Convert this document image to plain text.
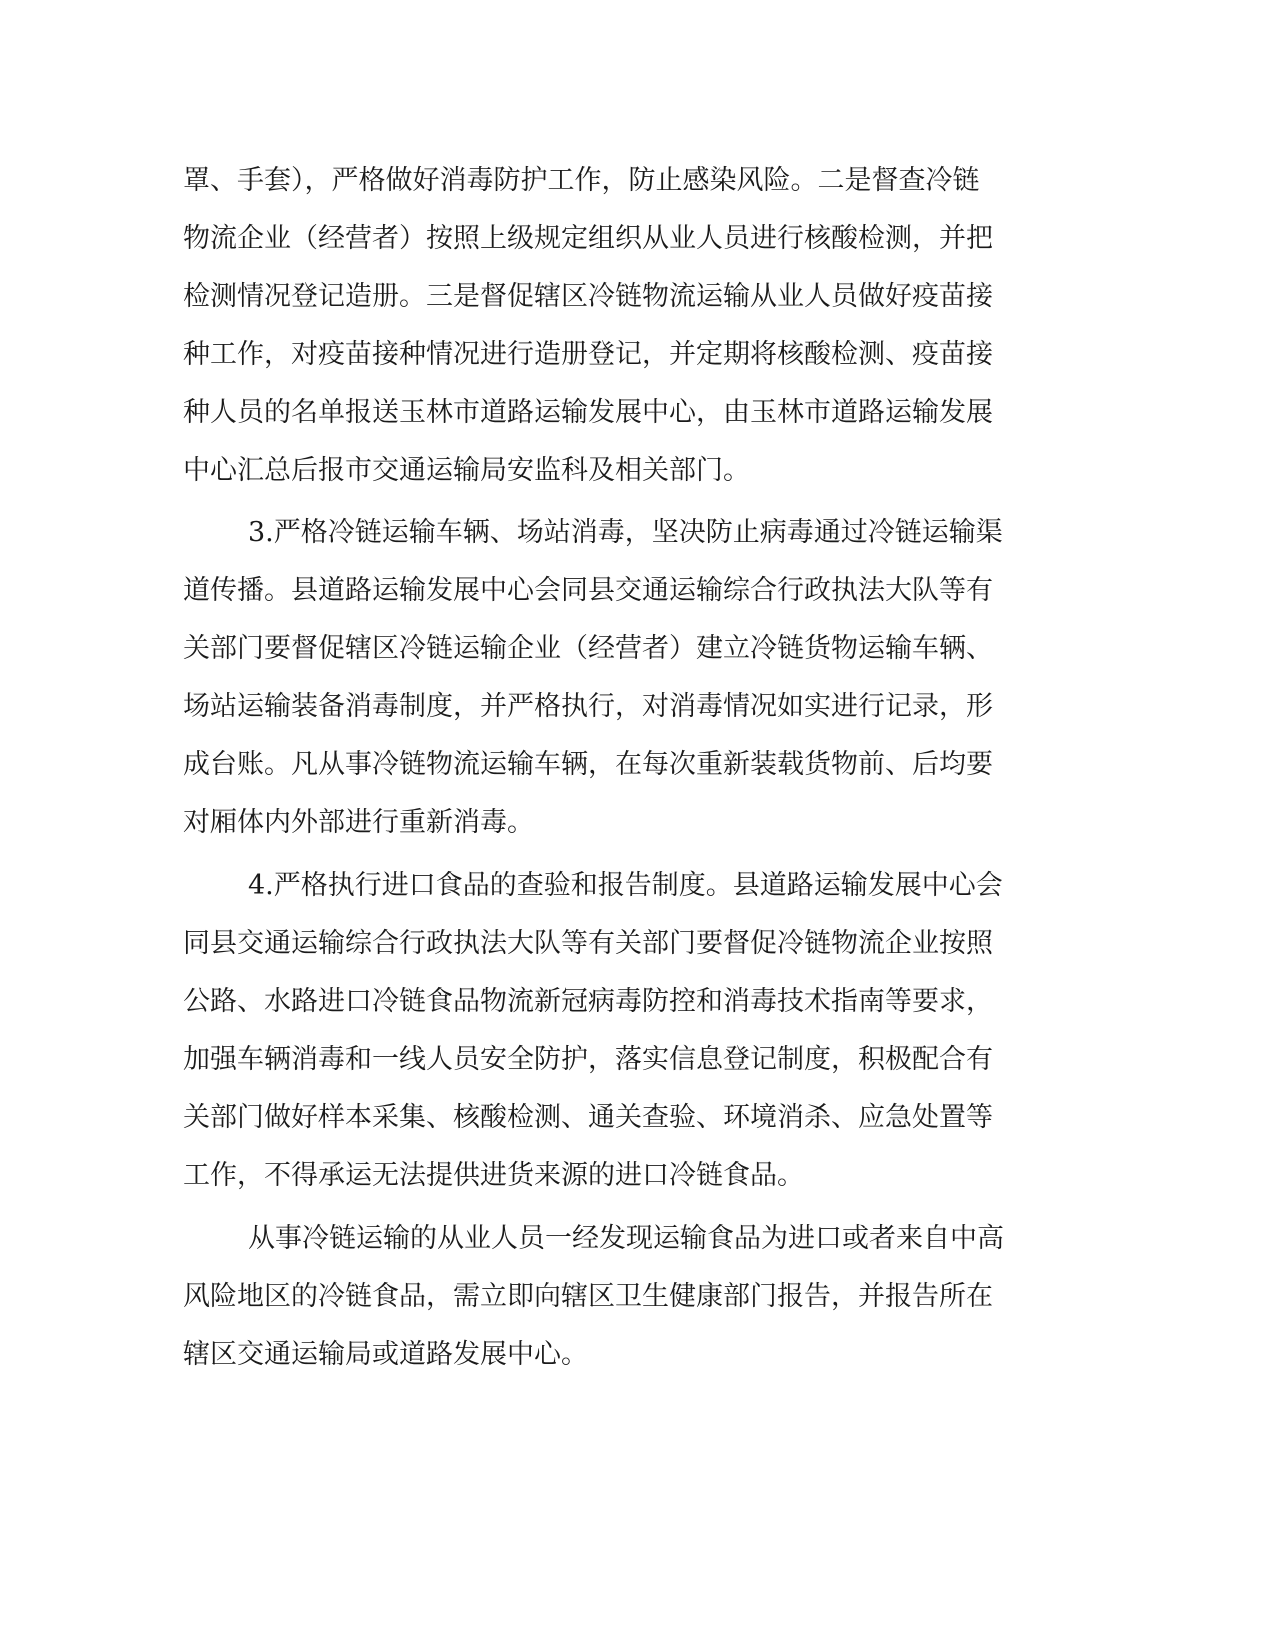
罩、手套），严格做好消毒防护工作，防止感染风险。二是督查冷链

物流企业（经营者）按照上级规定组织从业人员进行核酸检测，并把

检测情况登记造册。三是督促辖区冷链物流运输从业人员做好疫苗接

种工作，对疫苗接种情况进行造册登记，并定期将核酸检测、疫苗接

种人员的名单报送玉林市道路运输发展中心，由玉林市道路运输发展

中心汇总后报市交通运输局安监科及相关部门。

3.严格冷链运输车辆、场站消毒，坚决防止病毒通过冷链运输渠

道传播。县道路运输发展中心会同县交通运输综合行政执法大队等有

关部门要督促辖区冷链运输企业（经营者）建立冷链货物运输车辆、

场站运输装备消毒制度，并严格执行，对消毒情况如实进行记录，形

成台账。凡从事冷链物流运输车辆，在每次重新装载货物前、后均要

对厢体内外部进行重新消毒。

4.严格执行进口食品的查验和报告制度。县道路运输发展中心会

同县交通运输综合行政执法大队等有关部门要督促冷链物流企业按照

公路、水路进口冷链食品物流新冠病毒防控和消毒技术指南等要求，

加强车辆消毒和一线人员安全防护，落实信息登记制度，积极配合有

关部门做好样本采集、核酸检测、通关查验、环境消杀、应急处置等

工作，不得承运无法提供进货来源的进口冷链食品。

从事冷链运输的从业人员一经发现运输食品为进口或者来自中高

风险地区的冷链食品，需立即向辖区卫生健康部门报告，并报告所在

辖区交通运输局或道路发展中心。
